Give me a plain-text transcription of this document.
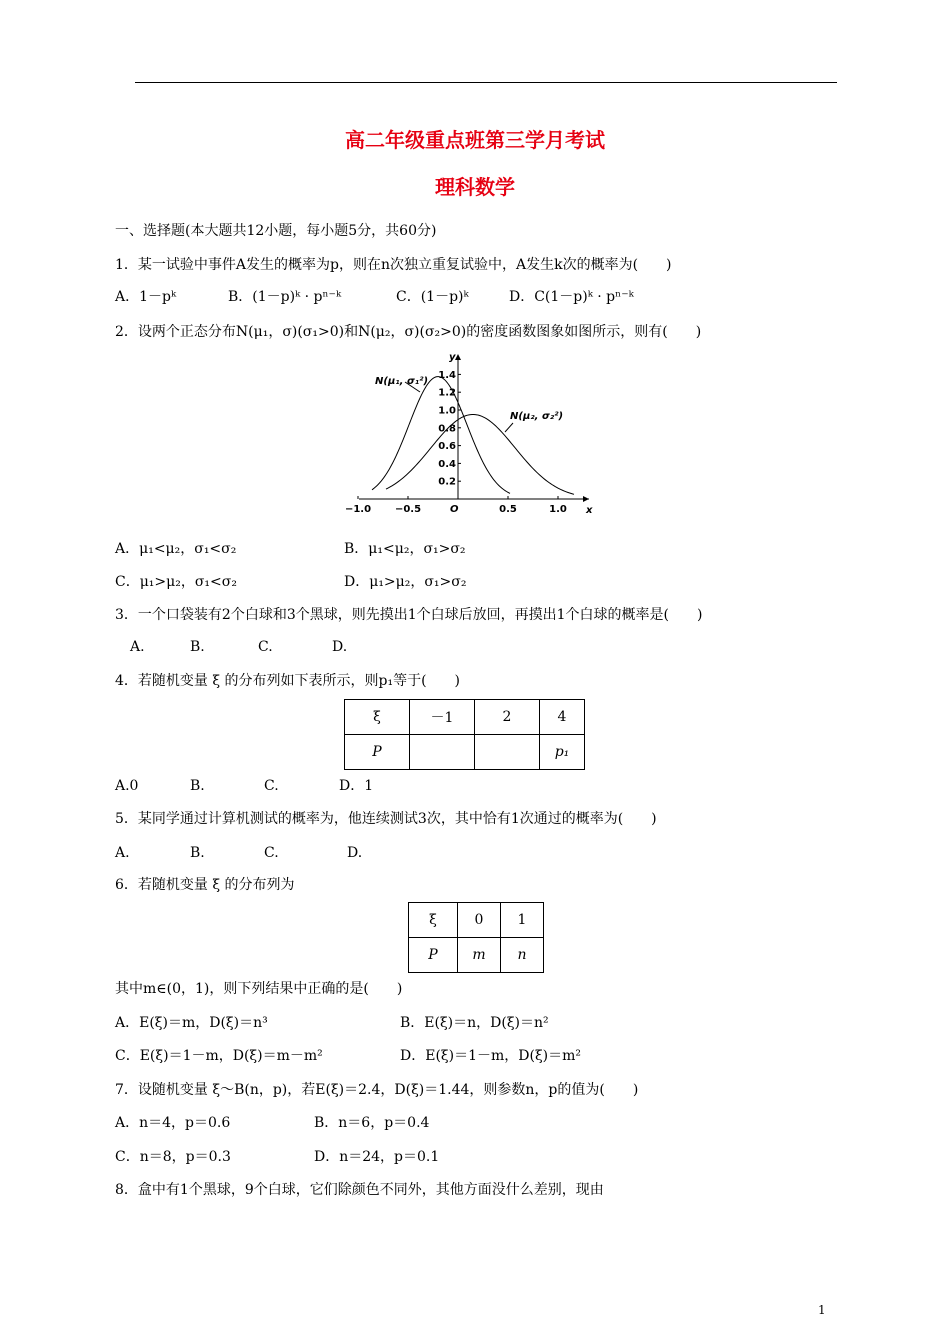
高二年级重点班第三学月考试
理科数学
一、选择题(本大题共12小题，每小题5分，共60分)
1．某一试验中事件A发生的概率为p，则在n次独立重复试验中，A发生k次的概率为(　　)
A．1－pᵏ	B．(1－p)ᵏ · pⁿ⁻ᵏ	C．(1－p)ᵏ	D．C(1－p)ᵏ · pⁿ⁻ᵏ
2．设两个正态分布N(μ₁，σ)(σ₁>0)和N(μ₂，σ)(σ₂>0)的密度函数图象如图所示，则有(　　)
x
y
−1.0 −0.5	O	0.5	1.0
0.2
0.4
0.6
0.8
1.0
1.2
1.4
N(μ₁, σ₁²)
N(μ₂, σ₂²)
A．μ₁<μ₂，σ₁<σ₂	B．μ₁<μ₂，σ₁>σ₂
C．μ₁>μ₂，σ₁<σ₂	D．μ₁>μ₂，σ₁>σ₂
3．一个口袋装有2个白球和3个黑球，则先摸出1个白球后放回，再摸出1个白球的概率是(　　)
A.	B.	C.	D.
4．若随机变量 ξ 的分布列如下表所示，则p₁等于(　　)
ξ	－1	2	4
P			p₁
A.0	B.	C.	D．1
5．某同学通过计算机测试的概率为，他连续测试3次，其中恰有1次通过的概率为(　　)
A.	B.	C.	D.
6．若随机变量 ξ 的分布列为
ξ	0	1
P	m	n
其中m∈(0，1)，则下列结果中正确的是(　　)
A．E(ξ)＝m，D(ξ)＝n³	B．E(ξ)＝n，D(ξ)＝n²
C．E(ξ)＝1－m，D(ξ)＝m－m²	D．E(ξ)＝1－m，D(ξ)＝m²
7．设随机变量 ξ～B(n，p)，若E(ξ)＝2.4，D(ξ)＝1.44，则参数n，p的值为(　　)
A．n＝4，p＝0.6	B．n＝6，p＝0.4
C．n＝8，p＝0.3	D．n＝24，p＝0.1
8．盒中有1个黑球，9个白球，它们除颜色不同外，其他方面没什么差别，现由
1
